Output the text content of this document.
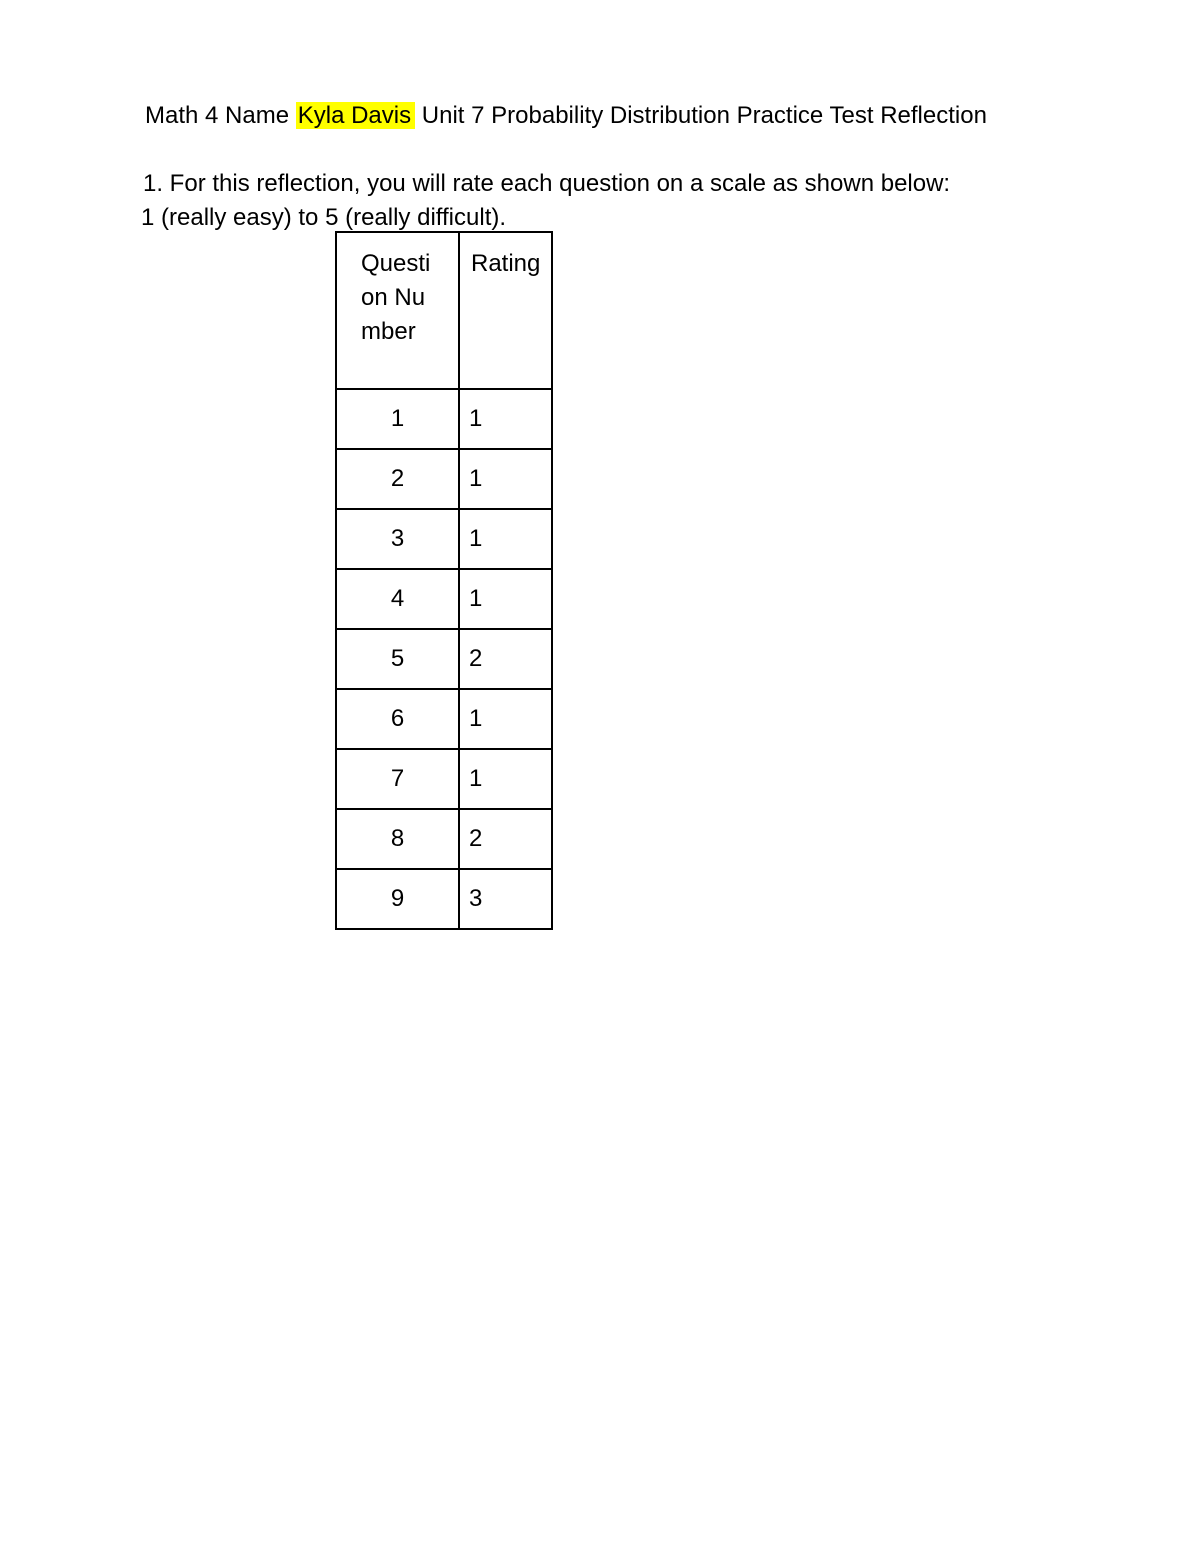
Math 4 Name Kyla Davis Unit 7 Probability Distribution Practice Test Reflection
1. For this reflection, you will rate each question on a scale as shown below:
1 (really easy) to 5 (really difficult).
Question Number	Rating

1	1
2	1
3	1
4	1
5	2
6	1
7	1
8	2
9	3
